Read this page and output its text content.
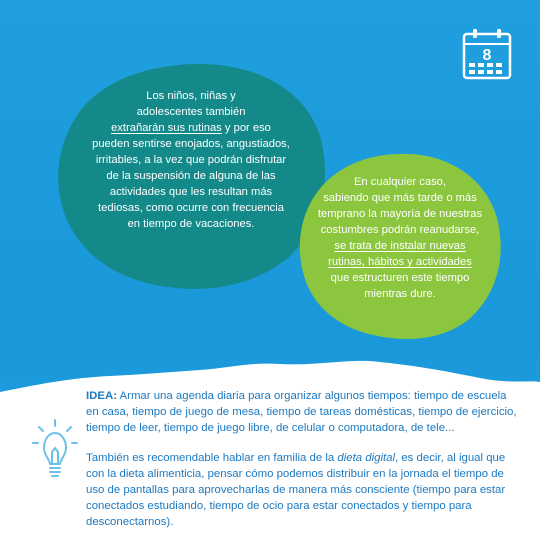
8
Los niños, niñas y
adolescentes también
extrañarán sus rutinas y por eso
pueden sentirse enojados, angustiados,
irritables, a la vez que podrán disfrutar
de la suspensión de alguna de las
actividades que les resultan más
tediosas, como ocurre con frecuencia
en tiempo de vacaciones.
En cualquier caso,
sabiendo que más tarde o más
temprano la mayoría de nuestras
costumbres podrán reanudarse,
se trata de instalar nuevas
rutinas, hábitos y actividades
que estructuren este tiempo
mientras dure.
IDEA: Armar una agenda diaria para organizar algunos tiempos: tiempo de escuela en casa, tiempo de juego de mesa, tiempo de tareas domésticas, tiempo de ejercicio, tiempo de leer, tiempo de juego libre, de celular o computadora, de tele...
También es recomendable hablar en familia de la dieta digital, es decir, al igual que con la dieta alimenticia, pensar cómo podemos distribuir en la jornada el tiempo de uso de pantallas para aprovecharlas de manera más consciente (tiempo para estar conectados estudiando, tiempo de ocio para estar conectados y tiempo para desconectarnos).
